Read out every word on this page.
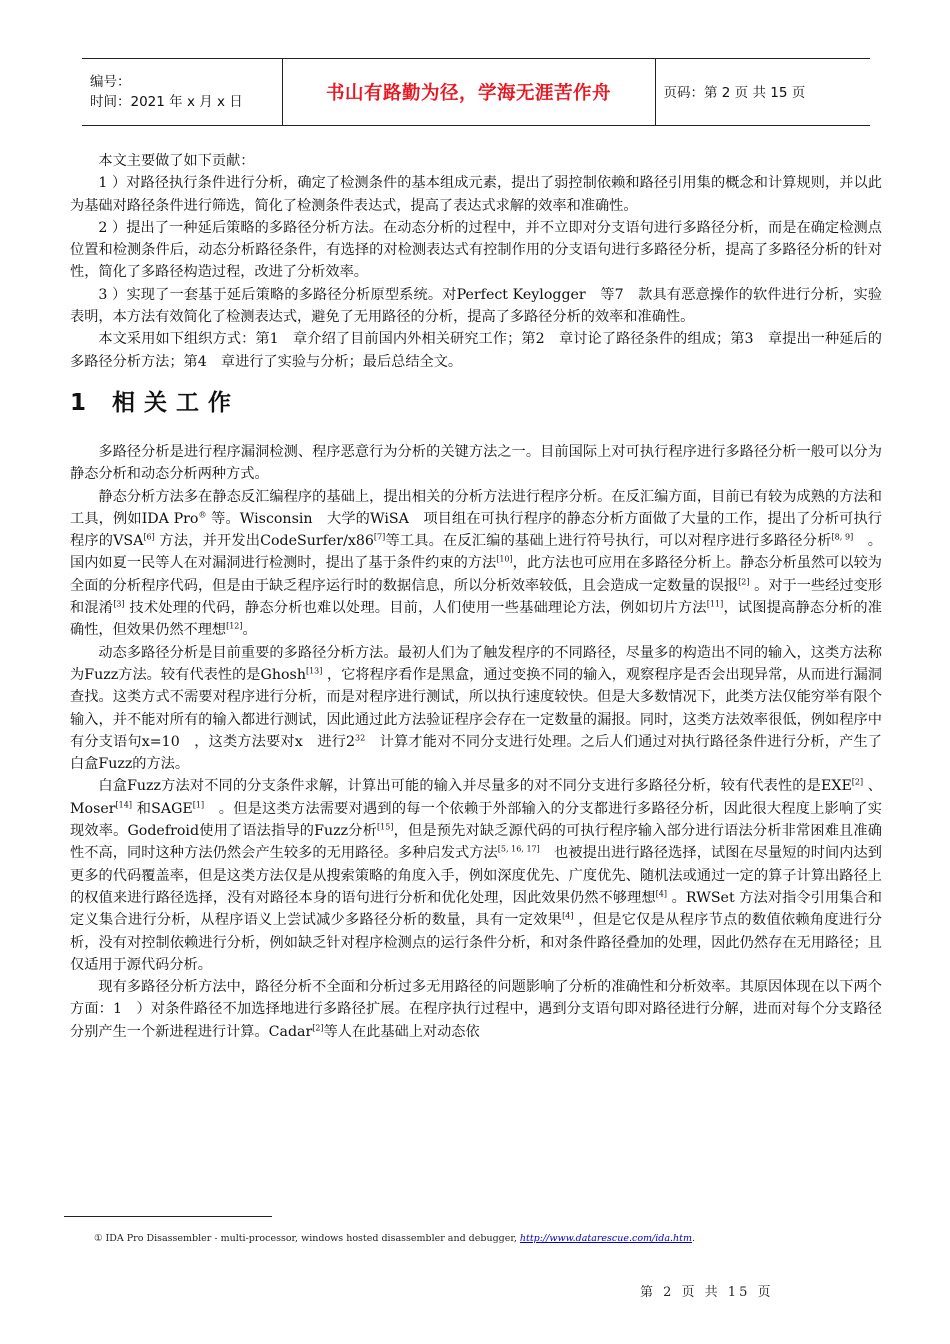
编号：
时间：2021 年 x 月 x 日	书山有路勤为径，学海无涯苦作舟	页码：第 2 页 共 15 页

本文主要做了如下贡献：

1 ）对路径执行条件进行分析，确定了检测条件的基本组成元素，提出了弱控制依赖和路径引用集的概念和计算规则，并以此为基础对路径条件进行筛选，简化了检测条件表达式，提高了表达式求解的效率和准确性。

2 ）提出了一种延后策略的多路径分析方法。在动态分析的过程中，并不立即对分支语句进行多路径分析，而是在确定检测点位置和检测条件后，动态分析路径条件，有选择的对检测表达式有控制作用的分支语句进行多路径分析，提高了多路径分析的针对性，简化了多路径构造过程，改进了分析效率。

3 ）实现了一套基于延后策略的多路径分析原型系统。对Perfect Keylogger　等7　款具有恶意操作的软件进行分析，实验表明，本方法有效简化了检测表达式，避免了无用路径的分析，提高了多路径分析的效率和准确性。

本文采用如下组织方式：第1　章介绍了目前国内外相关研究工作；第2　章讨论了路径条件的组成；第3　章提出一种延后的多路径分析方法；第4　章进行了实验与分析；最后总结全文。

1 相关工作

多路径分析是进行程序漏洞检测、程序恶意行为分析的关键方法之一。目前国际上对可执行程序进行多路径分析一般可以分为静态分析和动态分析两种方式。

静态分析方法多在静态反汇编程序的基础上，提出相关的分析方法进行程序分析。在反汇编方面，目前已有较为成熟的方法和工具，例如IDA Pro® 等。Wisconsin　大学的WiSA　项目组在可执行程序的静态分析方面做了大量的工作，提出了分析可执行程序的VSA[6] 方法，并开发出CodeSurfer/x86[7]等工具。在反汇编的基础上进行符号执行，可以对程序进行多路径分析[8, 9]　。国内如夏一民等人在对漏洞进行检测时，提出了基于条件约束的方法[10]，此方法也可应用在多路径分析上。静态分析虽然可以较为全面的分析程序代码，但是由于缺乏程序运行时的数据信息，所以分析效率较低，且会造成一定数量的误报[2] 。对于一些经过变形和混淆[3] 技术处理的代码，静态分析也难以处理。目前，人们使用一些基础理论方法，例如切片方法[11]，试图提高静态分析的准确性，但效果仍然不理想[12]。

动态多路径分析是目前重要的多路径分析方法。最初人们为了触发程序的不同路径，尽量多的构造出不同的输入，这类方法称为Fuzz方法。较有代表性的是Ghosh[13] ，它将程序看作是黑盒，通过变换不同的输入，观察程序是否会出现异常，从而进行漏洞查找。这类方式不需要对程序进行分析，而是对程序进行测试，所以执行速度较快。但是大多数情况下，此类方法仅能穷举有限个输入，并不能对所有的输入都进行测试，因此通过此方法验证程序会存在一定数量的漏报。同时，这类方法效率很低，例如程序中有分支语句x=10　，这类方法要对x　进行$2^{32}$　计算才能对不同分支进行处理。之后人们通过对执行路径条件进行分析，产生了白盒Fuzz的方法。

白盒Fuzz方法对不同的分支条件求解，计算出可能的输入并尽量多的对不同分支进行多路径分析，较有代表性的是EXE[2] 、Moser[14] 和SAGE[1]　。但是这类方法需要对遇到的每一个依赖于外部输入的分支都进行多路径分析，因此很大程度上影响了实现效率。Godefroid使用了语法指导的Fuzz分析[15]，但是预先对缺乏源代码的可执行程序输入部分进行语法分析非常困难且准确性不高，同时这种方法仍然会产生较多的无用路径。多种启发式方法[5, 16, 17]　也被提出进行路径选择，试图在尽量短的时间内达到更多的代码覆盖率，但是这类方法仅是从搜索策略的角度入手，例如深度优先、广度优先、随机法或通过一定的算子计算出路径上的权值来进行路径选择，没有对路径本身的语句进行分析和优化处理，因此效果仍然不够理想[4] 。RWSet 方法对指令引用集合和定义集合进行分析，从程序语义上尝试减少多路径分析的数量，具有一定效果[4] ，但是它仅是从程序节点的数值依赖角度进行分析，没有对控制依赖进行分析，例如缺乏针对程序检测点的运行条件分析，和对条件路径叠加的处理，因此仍然存在无用路径；且仅适用于源代码分析。

现有多路径分析方法中，路径分析不全面和分析过多无用路径的问题影响了分析的准确性和分析效率。其原因体现在以下两个方面：1　）对条件路径不加选择地进行多路径扩展。在程序执行过程中，遇到分支语句即对路径进行分解，进而对每个分支路径分别产生一个新进程进行计算。Cadar[2]等人在此基础上对动态依

① IDA Pro Disassembler - multi-processor, windows hosted disassembler and debugger, http://www.datarescue.com/ida.htm.
第 2 页 共 15 页
